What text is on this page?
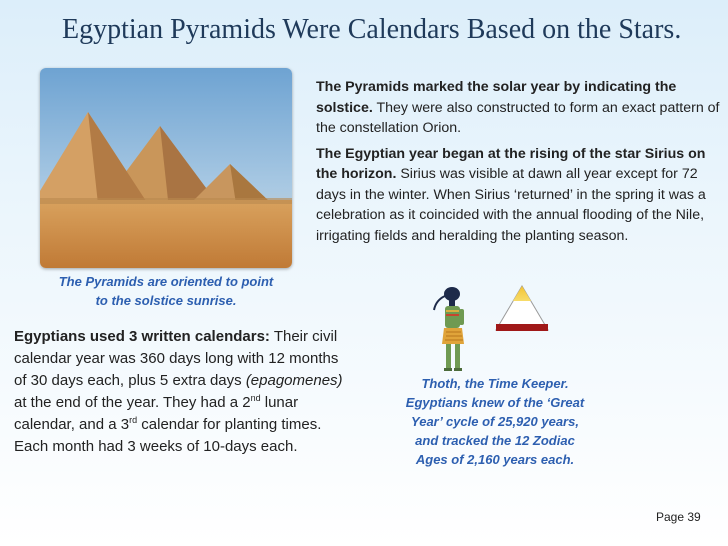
Egyptian Pyramids Were Calendars Based on the Stars.
The Pyramids are oriented to point to the solstice sunrise.

The Pyramids marked the solar year by indicating the solstice. They were also constructed to form an exact pattern of the constellation Orion.

The Egyptian year began at the rising of the star Sirius on the horizon. Sirius was visible at dawn all year except for 72 days in the winter. When Sirius ‘returned’ in the spring it was a celebration as it coincided with the annual flooding of the Nile, irrigating fields and heralding the planting season.

Egyptians used 3 written calendars: Their civil calendar year was 360 days long with 12 months of 30 days each, plus 5 extra days (epagomenes) at the end of the year. They had a 2nd lunar calendar, and a 3rd calendar for planting times. Each month had 3 weeks of 10-days each.
Thoth, the Time Keeper. Egyptians knew of the ‘Great Year’ cycle of 25,920 years, and tracked the 12 Zodiac Ages of 2,160 years each.
Page 39
